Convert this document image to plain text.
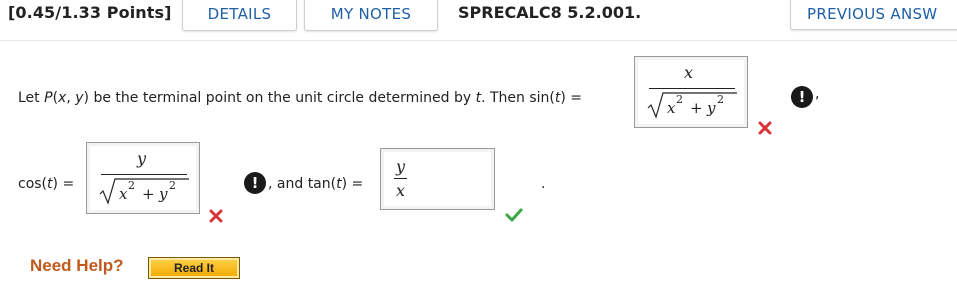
[0.45/1.33 Points]	DETAILS	MY NOTES	SPRECALC8 5.2.001.	PREVIOUS ANSW
Let P(x, y) be the terminal point on the unit circle determined by t. Then sin(t) =
x
x 2 + y 2	! ,
cos(t) =
y
x 2 + y 2	! , and tan(t) =
y
x	.
Need Help?	Read It
